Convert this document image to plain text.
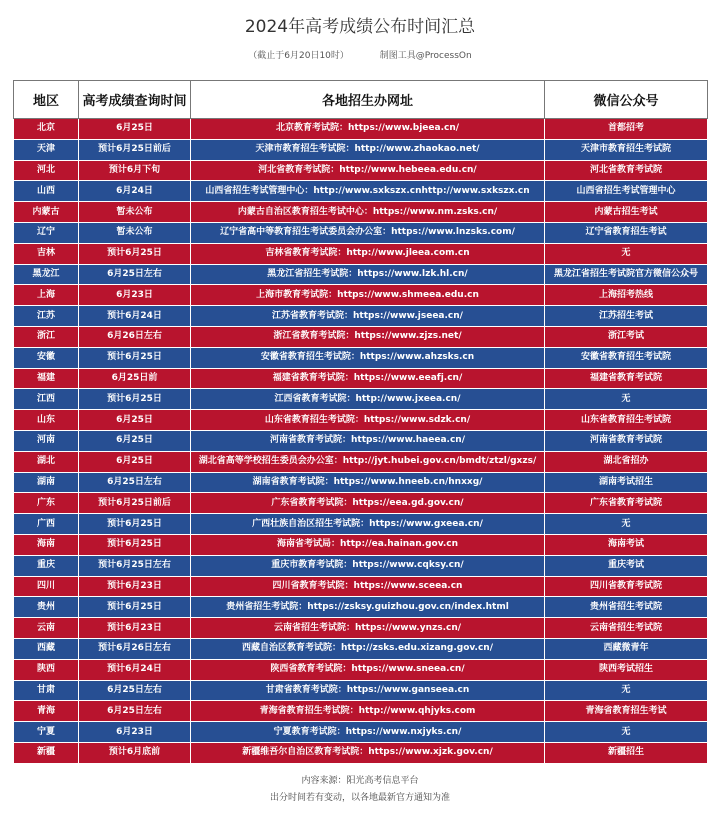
2024年高考成绩公布时间汇总
（截止于6月20日10时）	制图工具@ProcessOn
地区	高考成绩查询时间	各地招生办网址	微信公众号
北京	6月25日	北京教育考试院：https://www.bjeea.cn/	首都招考
天津	预计6月25日前后	天津市教育招生考试院：http://www.zhaokao.net/	天津市教育招生考试院
河北	预计6月下旬	河北省教育考试院：http://www.hebeea.edu.cn/	河北省教育考试院
山西	6月24日	山西省招生考试管理中心：http://www.sxkszx.cnhttp://www.sxkszx.cn	山西省招生考试管理中心
内蒙古	暂未公布	内蒙古自治区教育招生考试中心：https://www.nm.zsks.cn/	内蒙古招生考试
辽宁	暂未公布	辽宁省高中等教育招生考试委员会办公室：https://www.lnzsks.com/	辽宁省教育招生考试
吉林	预计6月25日	吉林省教育考试院：http://www.jleea.com.cn	无
黑龙江	6月25日左右	黑龙江省招生考试院：https://www.lzk.hl.cn/	黑龙江省招生考试院官方微信公众号
上海	6月23日	上海市教育考试院：https://www.shmeea.edu.cn	上海招考热线
江苏	预计6月24日	江苏省教育考试院：https://www.jseea.cn/	江苏招生考试
浙江	6月26日左右	浙江省教育考试院：https://www.zjzs.net/	浙江考试
安徽	预计6月25日	安徽省教育招生考试院：https://www.ahzsks.cn	安徽省教育招生考试院
福建	6月25日前	福建省教育考试院：https://www.eeafj.cn/	福建省教育考试院
江西	预计6月25日	江西省教育考试院：http://www.jxeea.cn/	无
山东	6月25日	山东省教育招生考试院：https://www.sdzk.cn/	山东省教育招生考试院
河南	6月25日	河南省教育考试院：https://www.haeea.cn/	河南省教育考试院
湖北	6月25日	湖北省高等学校招生委员会办公室：http://jyt.hubei.gov.cn/bmdt/ztzl/gxzs/	湖北省招办
湖南	6月25日左右	湖南省教育考试院：https://www.hneeb.cn/hnxxg/	湖南考试招生
广东	预计6月25日前后	广东省教育考试院：https://eea.gd.gov.cn/	广东省教育考试院
广西	预计6月25日	广西壮族自治区招生考试院：https://www.gxeea.cn/	无
海南	预计6月25日	海南省考试局：http://ea.hainan.gov.cn	海南考试
重庆	预计6月25日左右	重庆市教育考试院：https://www.cqksy.cn/	重庆考试
四川	预计6月23日	四川省教育考试院：https://www.sceea.cn	四川省教育考试院
贵州	预计6月25日	贵州省招生考试院：https://zsksy.guizhou.gov.cn/index.html	贵州省招生考试院
云南	预计6月23日	云南省招生考试院：https://www.ynzs.cn/	云南省招生考试院
西藏	预计6月26日左右	西藏自治区教育考试院：http://zsks.edu.xizang.gov.cn/	西藏微青年
陕西	预计6月24日	陕西省教育考试院：https://www.sneea.cn/	陕西考试招生
甘肃	6月25日左右	甘肃省教育考试院：https://www.ganseea.cn	无
青海	6月25日左右	青海省教育招生考试院：http://www.qhjyks.com	青海省教育招生考试
宁夏	6月23日	宁夏教育考试院：https://www.nxjyks.cn/	无
新疆	预计6月底前	新疆维吾尔自治区教育考试院：https://www.xjzk.gov.cn/	新疆招生
内容来源：阳光高考信息平台
出分时间若有变动，以各地最新官方通知为准
